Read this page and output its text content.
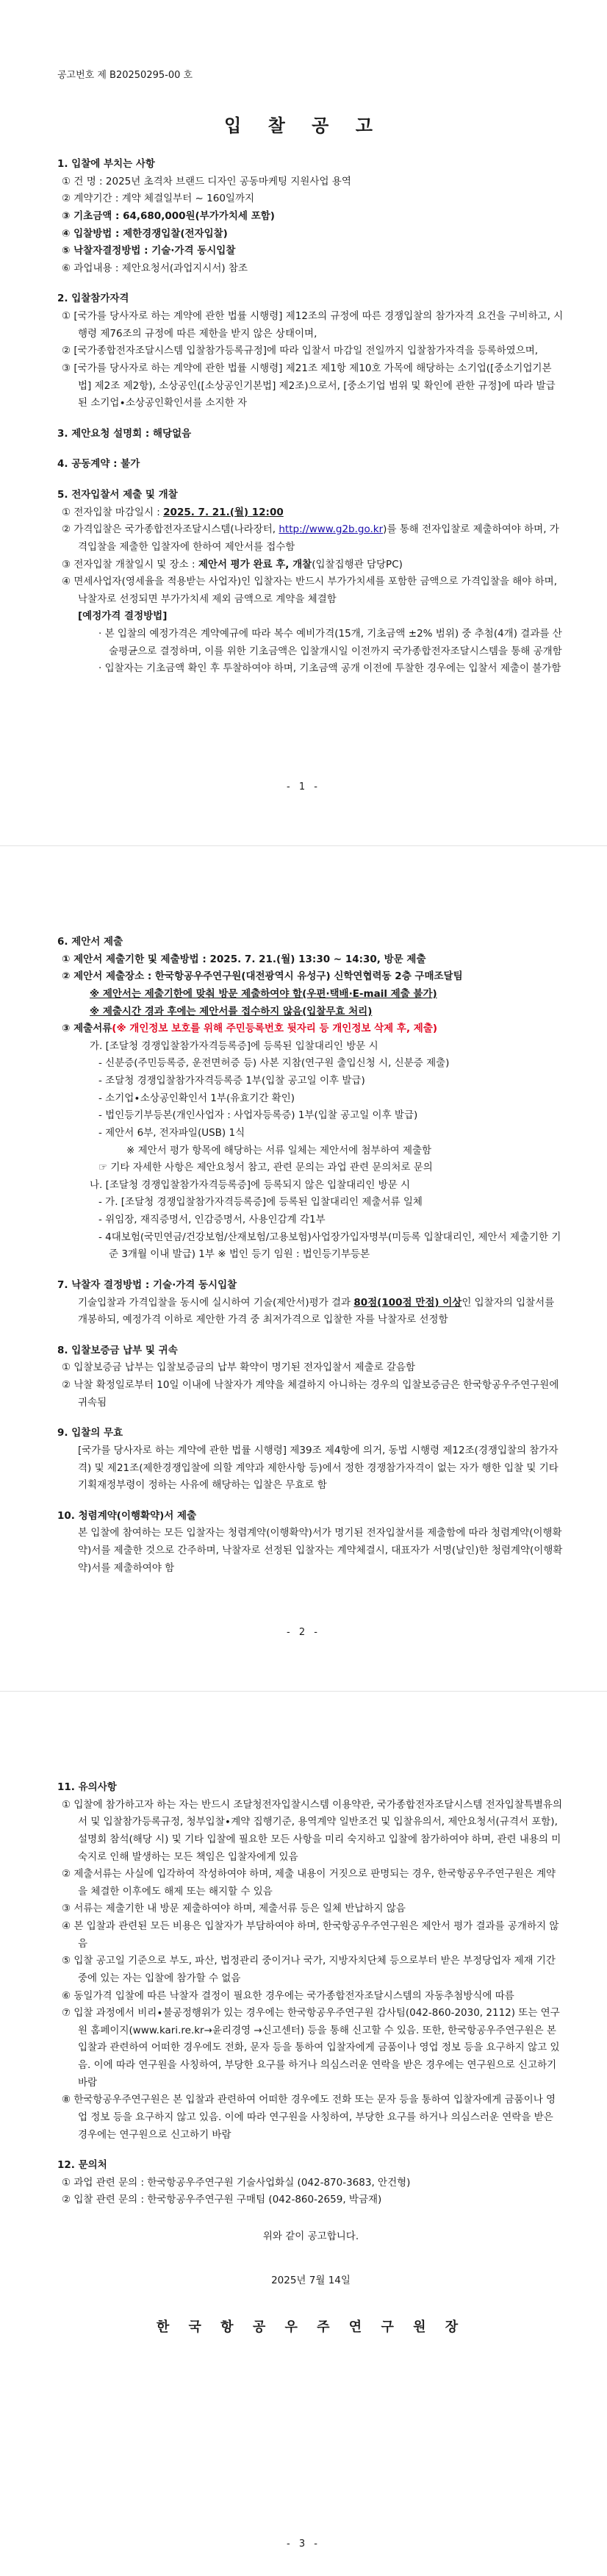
공고번호 제 B20250295-00 호
입 찰 공 고

1. 입찰에 부치는 사항

① 건 명 : 2025년 초격차 브랜드 디자인 공동마케팅 지원사업 용역

② 계약기간 : 계약 체결일부터 ~ 160일까지

③ 기초금액 : 64,680,000원(부가가치세 포함)

④ 입찰방법 : 제한경쟁입찰(전자입찰)

⑤ 낙찰자결정방법 : 기술∙가격 동시입찰

⑥ 과업내용 : 제안요청서(과업지시서) 참조

2. 입찰참가자격

① [국가를 당사자로 하는 계약에 관한 법률 시행령] 제12조의 규정에 따른 경쟁입찰의 참가자격 요건을 구비하고, 시행령 제76조의 규정에 따른 제한을 받지 않은 상태이며,

② [국가종합전자조달시스템 입찰참가등록규정]에 따라 입찰서 마감일 전일까지 입찰참가자격을 등록하였으며,

③ [국가를 당사자로 하는 계약에 관한 법률 시행령] 제21조 제1항 제10호 가목에 해당하는 소기업([중소기업기본법] 제2조 제2항), 소상공인([소상공인기본법] 제2조)으로서, [중소기업 범위 및 확인에 관한 규정]에 따라 발급된 소기업∙소상공인확인서를 소지한 자

3. 제안요청 설명회 : 해당없음

4. 공동계약 : 불가

5. 전자입찰서 제출 및 개찰

① 전자입찰 마감일시 : 2025. 7. 21.(월) 12:00

② 가격입찰은 국가종합전자조달시스템(나라장터, http://www.g2b.go.kr)를 통해 전자입찰로 제출하여야 하며, 가격입찰을 제출한 입찰자에 한하여 제안서를 접수함

③ 전자입찰 개찰일시 및 장소 : 제안서 평가 완료 후, 개찰(입찰집행관 담당PC)

④ 면세사업자(영세율을 적용받는 사업자)인 입찰자는 반드시 부가가치세를 포함한 금액으로 가격입찰을 해야 하며, 낙찰자로 선정되면 부가가치세 제외 금액으로 계약을 체결함

[예정가격 결정방법]

· 본 입찰의 예정가격은 계약예규에 따라 복수 예비가격(15개, 기초금액 ±2% 범위) 중 추첨(4개) 결과를 산술평균으로 결정하며, 이를 위한 기초금액은 입찰개시일 이전까지 국가종합전자조달시스템을 통해 공개함

· 입찰자는 기초금액 확인 후 투찰하여야 하며, 기초금액 공개 이전에 투찰한 경우에는 입찰서 제출이 불가함

- 1 -

6. 제안서 제출

① 제안서 제출기한 및 제출방법 : 2025. 7. 21.(월) 13:30 ~ 14:30, 방문 제출

② 제안서 제출장소 : 한국항공우주연구원(대전광역시 유성구) 신학연협력동 2층 구매조달팀

※ 제안서는 제출기한에 맞춰 방문 제출하여야 함(우편∙택배∙E-mail 제출 불가)

※ 제출시간 경과 후에는 제안서를 접수하지 않음(입찰무효 처리)

③ 제출서류(※ 개인정보 보호를 위해 주민등록번호 뒷자리 등 개인정보 삭제 후, 제출)

가. [조달청 경쟁입찰참가자격등록증]에 등록된 입찰대리인 방문 시

- 신분증(주민등록증, 운전면허증 등) 사본 지참(연구원 출입신청 시, 신분증 제출)

- 조달청 경쟁입찰참가자격등록증 1부(입찰 공고일 이후 발급)

- 소기업∙소상공인확인서 1부(유효기간 확인)

- 법인등기부등본(개인사업자 : 사업자등록증) 1부(입찰 공고일 이후 발급)

- 제안서 6부, 전자파일(USB) 1식

※ 제안서 평가 항목에 해당하는 서류 일체는 제안서에 첨부하여 제출함

☞ 기타 자세한 사항은 제안요청서 참고, 관련 문의는 과업 관련 문의처로 문의

나. [조달청 경쟁입찰참가자격등록증]에 등록되지 않은 입찰대리인 방문 시

- 가. [조달청 경쟁입찰참가자격등록증]에 등록된 입찰대리인 제출서류 일체

- 위임장, 재직증명서, 인감증명서, 사용인감계 각1부

- 4대보험(국민연금/건강보험/산재보험/고용보험)사업장가입자명부(미등록 입찰대리인, 제안서 제출기한 기준 3개월 이내 발급) 1부 ※ 법인 등기 임원 : 법인등기부등본

7. 낙찰자 결정방법 : 기술∙가격 동시입찰

기술입찰과 가격입찰을 동시에 실시하여 기술(제안서)평가 결과 80점(100점 만점) 이상인 입찰자의 입찰서를 개봉하되, 예정가격 이하로 제안한 가격 중 최저가격으로 입찰한 자를 낙찰자로 선정함

8. 입찰보증금 납부 및 귀속

① 입찰보증금 납부는 입찰보증금의 납부 확약이 명기된 전자입찰서 제출로 갈음함

② 낙찰 확정일로부터 10일 이내에 낙찰자가 계약을 체결하지 아니하는 경우의 입찰보증금은 한국항공우주연구원에 귀속됨

9. 입찰의 무효

[국가를 당사자로 하는 계약에 관한 법률 시행령] 제39조 제4항에 의거, 동법 시행령 제12조(경쟁입찰의 참가자격) 및 제21조(제한경쟁입찰에 의할 계약과 제한사항 등)에서 정한 경쟁참가자격이 없는 자가 행한 입찰 및 기타 기획재정부령이 정하는 사유에 해당하는 입찰은 무효로 함

10. 청렴계약(이행확약)서 제출

본 입찰에 참여하는 모든 입찰자는 청렴계약(이행확약)서가 명기된 전자입찰서를 제출함에 따라 청렴계약(이행확약)서를 제출한 것으로 간주하며, 낙찰자로 선정된 입찰자는 계약체결시, 대표자가 서명(날인)한 청렴계약(이행확약)서를 제출하여야 함

- 2 -

11. 유의사항

① 입찰에 참가하고자 하는 자는 반드시 조달청전자입찰시스템 이용약관, 국가종합전자조달시스템 전자입찰특별유의서 및 입찰참가등록규정, 청부입찰∙계약 집행기준, 용역계약 일반조건 및 입찰유의서, 제안요청서(규격서 포함), 설명회 참석(해당 시) 및 기타 입찰에 필요한 모든 사항을 미리 숙지하고 입찰에 참가하여야 하며, 관련 내용의 미숙지로 인해 발생하는 모든 책임은 입찰자에게 있음

② 제출서류는 사실에 입각하여 작성하여야 하며, 제출 내용이 거짓으로 판명되는 경우, 한국항공우주연구원은 계약을 체결한 이후에도 해제 또는 해지할 수 있음

③ 서류는 제출기한 내 방문 제출하여야 하며, 제출서류 등은 일체 반납하지 않음

④ 본 입찰과 관련된 모든 비용은 입찰자가 부담하여야 하며, 한국항공우주연구원은 제안서 평가 결과를 공개하지 않음

⑤ 입찰 공고일 기준으로 부도, 파산, 법정관리 중이거나 국가, 지방자치단체 등으로부터 받은 부정당업자 제재 기간 중에 있는 자는 입찰에 참가할 수 없음

⑥ 동일가격 입찰에 따른 낙찰자 결정이 필요한 경우에는 국가종합전자조달시스템의 자동추첨방식에 따름

⑦ 입찰 과정에서 비리∙불공정행위가 있는 경우에는 한국항공우주연구원 감사팀(042-860-2030, 2112) 또는 연구원 홈페이지(www.kari.re.kr→윤리경영 →신고센터) 등을 통해 신고할 수 있음. 또한, 한국항공우주연구원은 본 입찰과 관련하여 어떠한 경우에도 전화, 문자 등을 통하여 입찰자에게 금품이나 영업 정보 등을 요구하지 않고 있음. 이에 따라 연구원을 사칭하여, 부당한 요구를 하거나 의심스러운 연락을 받은 경우에는 연구원으로 신고하기 바람

⑧ 한국항공우주연구원은 본 입찰과 관련하여 어떠한 경우에도 전화 또는 문자 등을 통하여 입찰자에게 금품이나 영업 정보 등을 요구하지 않고 있음. 이에 따라 연구원을 사칭하여, 부당한 요구를 하거나 의심스러운 연락을 받은 경우에는 연구원으로 신고하기 바람

12. 문의처

① 과업 관련 문의 : 한국항공우주연구원 기술사업화실 (042-870-3683, 안건형)

② 입찰 관련 문의 : 한국항공우주연구원 구매팀 (042-860-2659, 박금재)

위와 같이 공고합니다.

2025년 7월 14일

한 국 항 공 우 주 연 구 원 장

- 3 -
